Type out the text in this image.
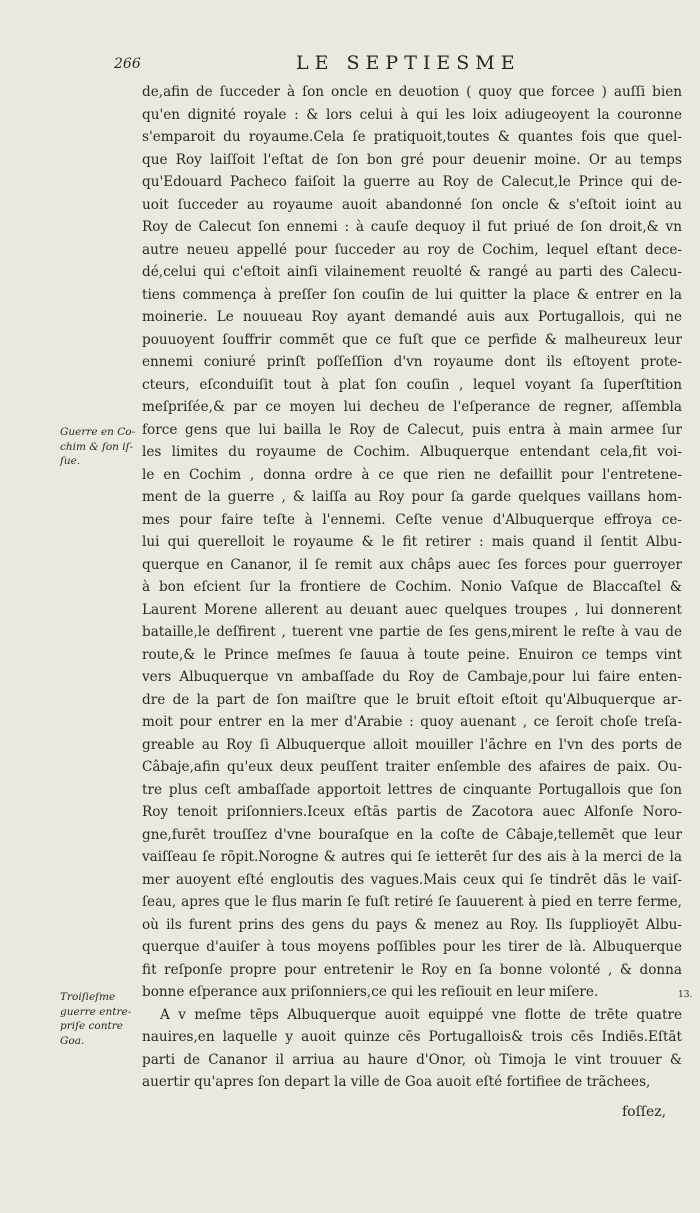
266	LE SEPTIESME
de,afin de ſucceder à ſon oncle en deuotion ( quoy que forcee ) auſſi bien
qu'en dignité royale : & lors celui à qui les loix adiugeoyent la couronne
s'emparoit du royaume.Cela ſe pratiquoit,toutes & quantes fois que quel-
que Roy laiſſoit l'eſtat de ſon bon gré pour deuenir moine. Or au temps
qu'Edouard Pacheco faiſoit la guerre au Roy de Calecut,le Prince qui de-
uoit ſucceder au royaume auoit abandonné ſon oncle & s'eſtoit ioint au
Roy de Calecut ſon ennemi : à cauſe dequoy il fut priué de ſon droit,& vn
autre neueu appellé pour ſucceder au roy de Cochim, lequel eſtant dece-
dé,celui qui c'eſtoit ainſi vilainement reuolté & rangé au parti des Calecu-
tiens commença à preſſer ſon couſin de lui quitter la place & entrer en la
moinerie. Le nouueau Roy ayant demandé auis aux Portugallois, qui ne
pouuoyent ſouffrir commēt que ce fuſt que ce perfide & malheureux leur
ennemi coniuré prinſt poſſeſſion d'vn royaume dont ils eſtoyent prote-
cteurs, eſconduiſit tout à plat ſon couſin , lequel voyant ſa ſuperſtition
meſpriſée,& par ce moyen lui decheu de l'eſperance de regner, aſſembla
force gens que lui bailla le Roy de Calecut, puis entra à main armee ſur
les limites du royaume de Cochim. Albuquerque entendant cela,fit voi-
le en Cochim , donna ordre à ce que rien ne defaillit pour l'entretene-
ment de la guerre , & laiſſa au Roy pour ſa garde quelques vaillans hom-
mes pour faire teſte à l'ennemi. Ceſte venue d'Albuquerque effroya ce-
lui qui querelloit le royaume & le fit retirer : mais quand il ſentit Albu-
querque en Cananor, il ſe remit aux châps auec ſes forces pour guerroyer
à bon eſcient ſur la frontiere de Cochim. Nonio Vaſque de Blaccaſtel &
Laurent Morene allerent au deuant auec quelques troupes , lui donnerent
bataille,le deſfirent , tuerent vne partie de ſes gens,mirent le reſte à vau de
route,& le Prince meſmes ſe ſauua à toute peine. Enuiron ce temps vint
vers Albuquerque vn ambaſſade du Roy de Cambaje,pour lui faire enten-
dre de la part de ſon maiſtre que le bruit eſtoit eſtoit qu'Albuquerque ar-
moit pour entrer en la mer d'Arabie : quoy auenant , ce ſeroit choſe treſa-
greable au Roy ſi Albuquerque alloit mouiller l'ãchre en l'vn des ports de
Câbaje,afin qu'eux deux peuſſent traiter enſemble des afaires de paix. Ou-
tre plus ceſt ambaſſade apportoit lettres de cinquante Portugallois que ſon
Roy tenoit priſonniers.Iceux eſtās partis de Zacotora auec Alfonſe Noro-
gne,furēt trouſſez d'vne bouraſque en la coſte de Câbaje,tellemēt que leur
vaiſſeau ſe rõpit.Norogne & autres qui ſe ietterēt ſur des ais à la merci de la
mer auoyent eſté engloutis des vagues.Mais ceux qui ſe tindrēt dās le vaiſ-
ſeau, apres que le flus marin ſe fuſt retiré ſe ſauuerent à pied en terre ferme,
où ils furent prins des gens du pays & menez au Roy. Ils ſupplioyēt Albu-
querque d'auiſer à tous moyens poſſibles pour les tirer de là. Albuquerque
fit reſponſe propre pour entretenir le Roy en ſa bonne volonté , & donna
bonne eſperance aux priſonniers,ce qui les reſiouit en leur miſere.
A v meſme tēps Albuquerque auoit equippé vne flotte de trēte quatre
nauires,en laquelle y auoit quinze cēs Portugallois& trois cēs Indiēs.Eſtāt
parti de Cananor il arriua au haure d'Onor, où Timoja le vint trouuer &
auertir qu'apres ſon depart la ville de Goa auoit eſté fortifiee de trãchees,
Guerre en Co-
chim & ſon iſ-
ſue.
Troiſieſme
guerre entre-
priſe contre
Goa.
13.
foſſez,
